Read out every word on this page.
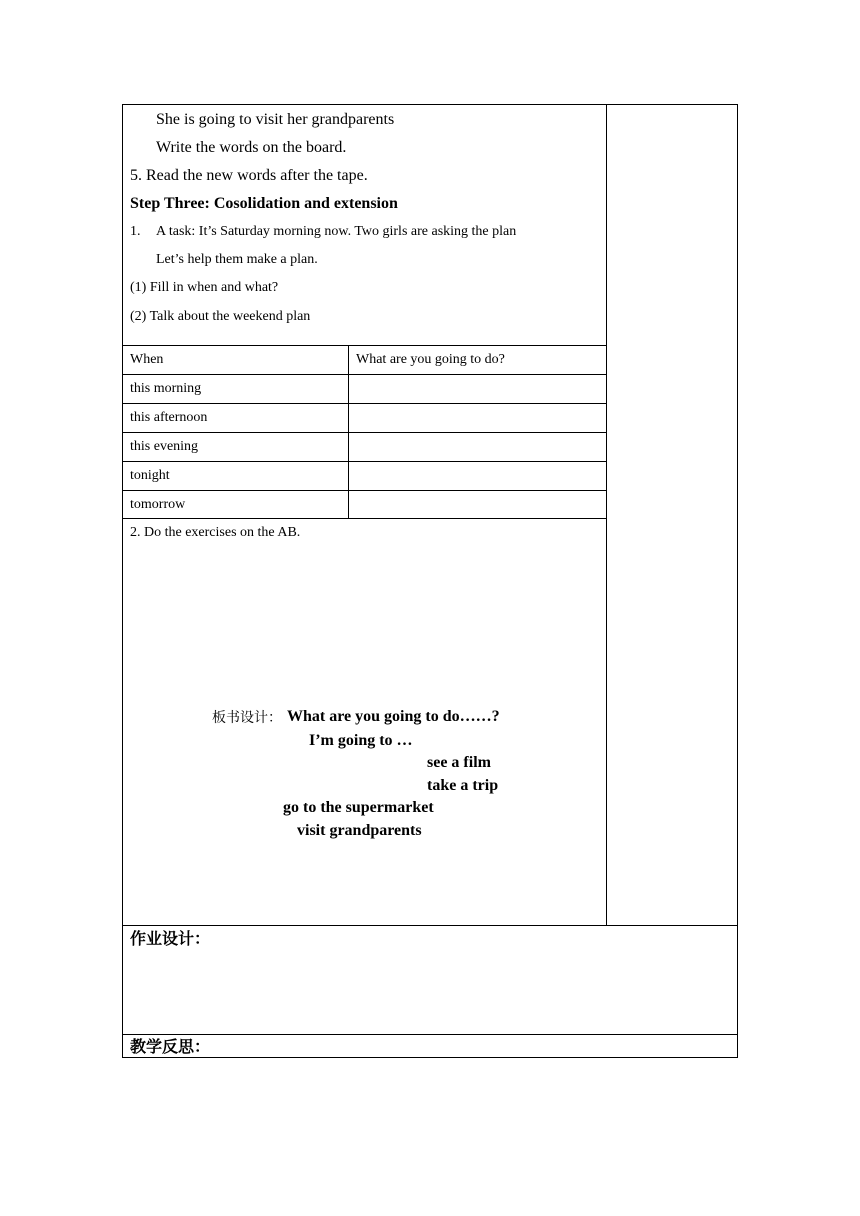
She is going to visit her grandparents
Write the words on the board.
5. Read the new words after the tape.
Step Three: Cosolidation and extension
1. A task: It’s Saturday morning now. Two girls are asking the plan
Let’s help them make a plan.
(1) Fill in when and what?
(2) Talk about the weekend plan
When	What are you going to do?
this morning
this afternoon
this evening
tonight
tomorrow
2. Do the exercises on the AB.
板书设计： What are you going to do……?
I’m going to …
see a film
take a trip
go to the supermarket
visit grandparents
作业设计：
教学反思：
